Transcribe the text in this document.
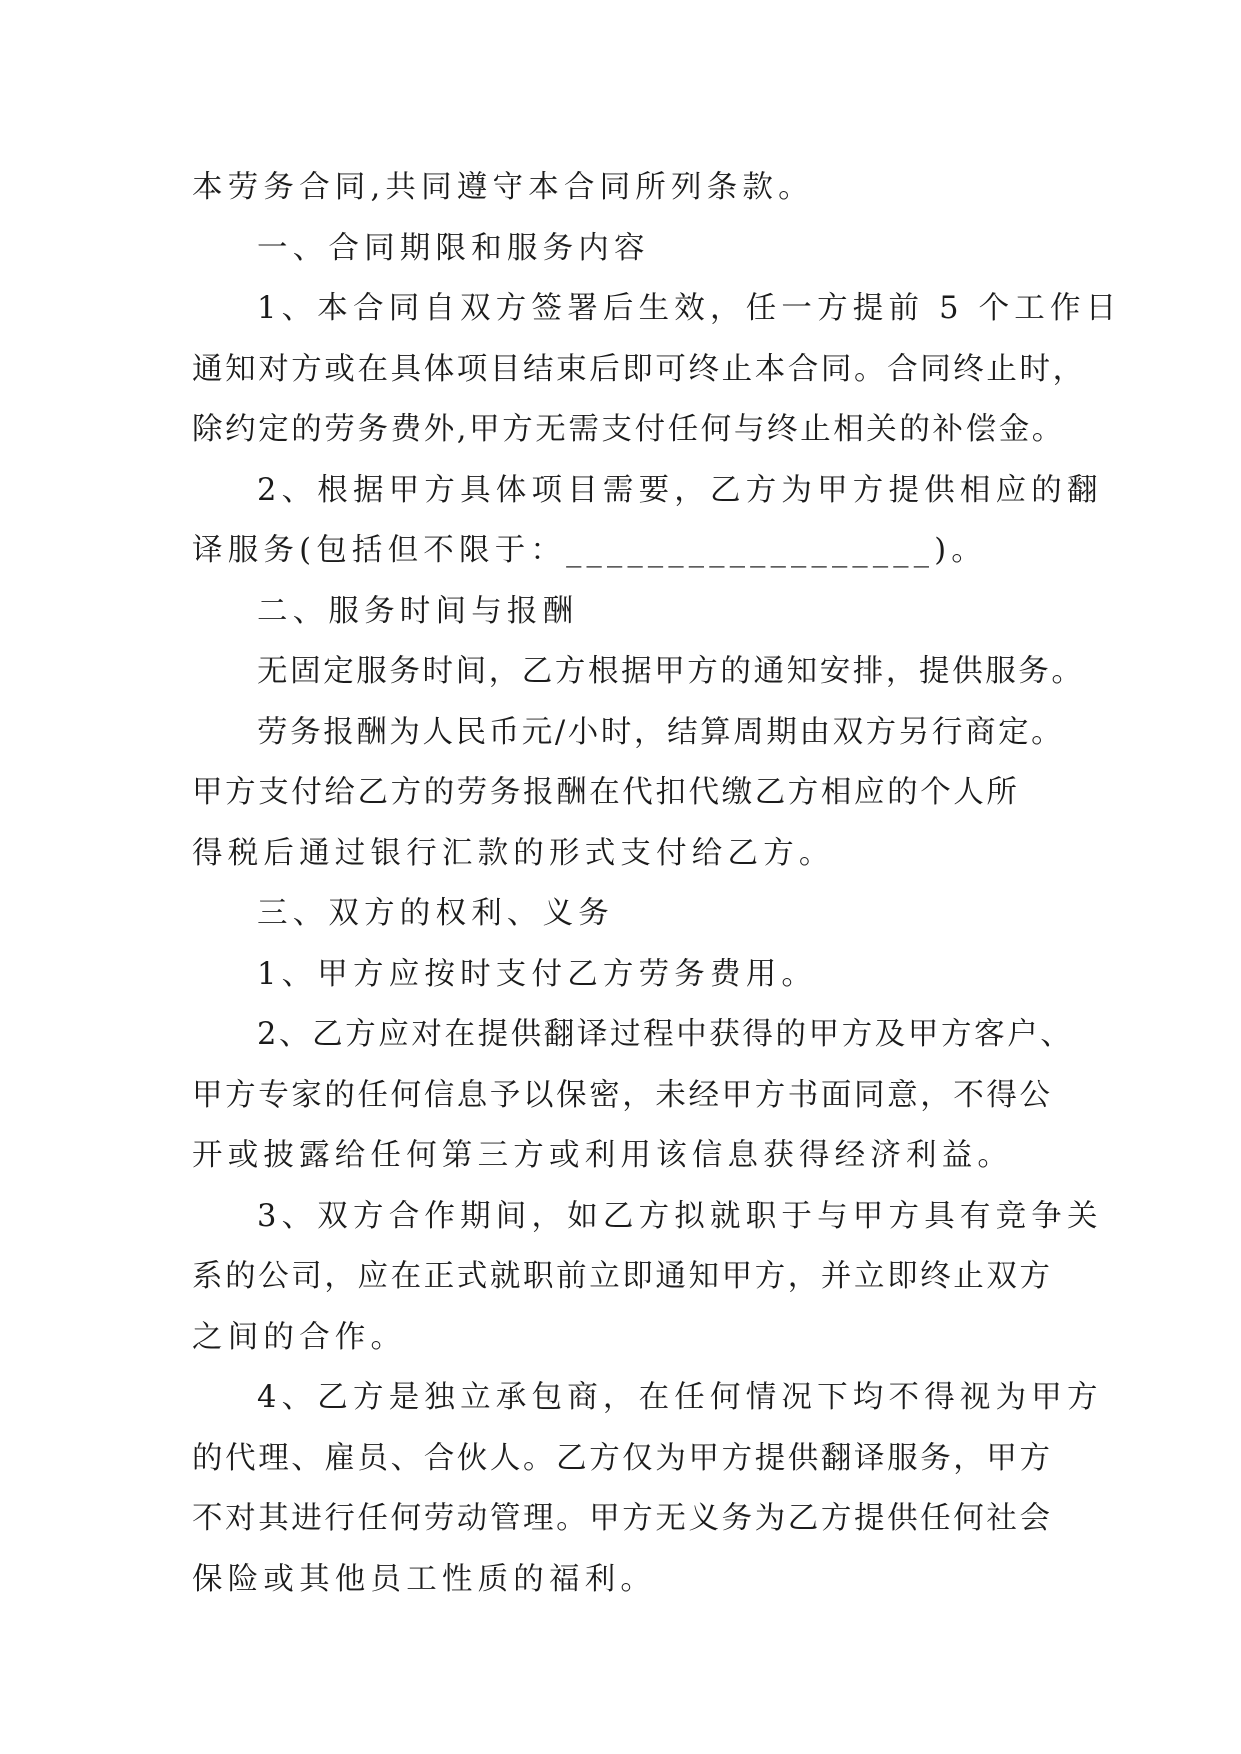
本劳务合同,共同遵守本合同所列条款。
一、合同期限和服务内容
1、本合同自双方签署后生效，任一方提前 5 个工作日
通知对方或在具体项目结束后即可终止本合同。合同终止时，
除约定的劳务费外,甲方无需支付任何与终止相关的补偿金。
2、根据甲方具体项目需要，乙方为甲方提供相应的翻
译服务(包括但不限于：__________________)。
二、服务时间与报酬
无固定服务时间，乙方根据甲方的通知安排，提供服务。
劳务报酬为人民币元/小时，结算周期由双方另行商定。
甲方支付给乙方的劳务报酬在代扣代缴乙方相应的个人所
得税后通过银行汇款的形式支付给乙方。
三、双方的权利、义务
1、甲方应按时支付乙方劳务费用。
2、乙方应对在提供翻译过程中获得的甲方及甲方客户、
甲方专家的任何信息予以保密，未经甲方书面同意，不得公
开或披露给任何第三方或利用该信息获得经济利益。
3、双方合作期间，如乙方拟就职于与甲方具有竞争关
系的公司，应在正式就职前立即通知甲方，并立即终止双方
之间的合作。
4、乙方是独立承包商，在任何情况下均不得视为甲方
的代理、雇员、合伙人。乙方仅为甲方提供翻译服务，甲方
不对其进行任何劳动管理。甲方无义务为乙方提供任何社会
保险或其他员工性质的福利。
